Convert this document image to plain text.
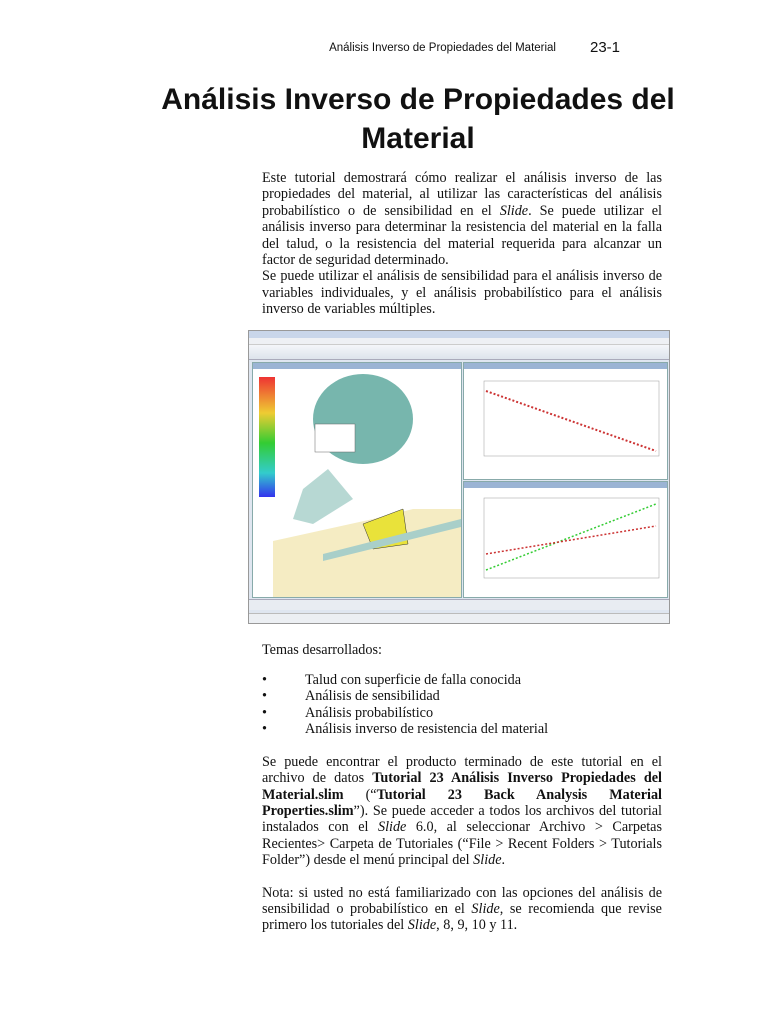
Análisis Inverso de Propiedades del Material 23-1
Análisis Inverso de Propiedades del
Material

Este tutorial demostrará cómo realizar el análisis inverso de las propiedades del material, al utilizar las características del análisis probabilístico o de sensibilidad en el Slide. Se puede utilizar el análisis inverso para determinar la resistencia del material en la falla del talud, o la resistencia del material requerida para alcanzar un factor de seguridad determinado.

Se puede utilizar el análisis de sensibilidad para el análisis inverso de variables individuales, y el análisis probabilístico para el análisis inverso de variables múltiples.

Temas desarrollados:
•	Talud con superficie de falla conocida
•	Análisis de sensibilidad
•	Análisis probabilístico
•	Análisis inverso de resistencia del material

Se puede encontrar el producto terminado de este tutorial en el archivo de datos Tutorial 23 Análisis Inverso Propiedades del Material.slim (“Tutorial 23 Back Analysis Material Properties.slim”). Se puede acceder a todos los archivos del tutorial instalados con el Slide 6.0, al seleccionar Archivo > Carpetas Recientes> Carpeta de Tutoriales (“File > Recent Folders > Tutorials Folder”) desde el menú principal del Slide.

Nota: si usted no está familiarizado con las opciones del análisis de sensibilidad o probabilístico en el Slide, se recomienda que revise primero los tutoriales del Slide, 8, 9, 10 y 11.
